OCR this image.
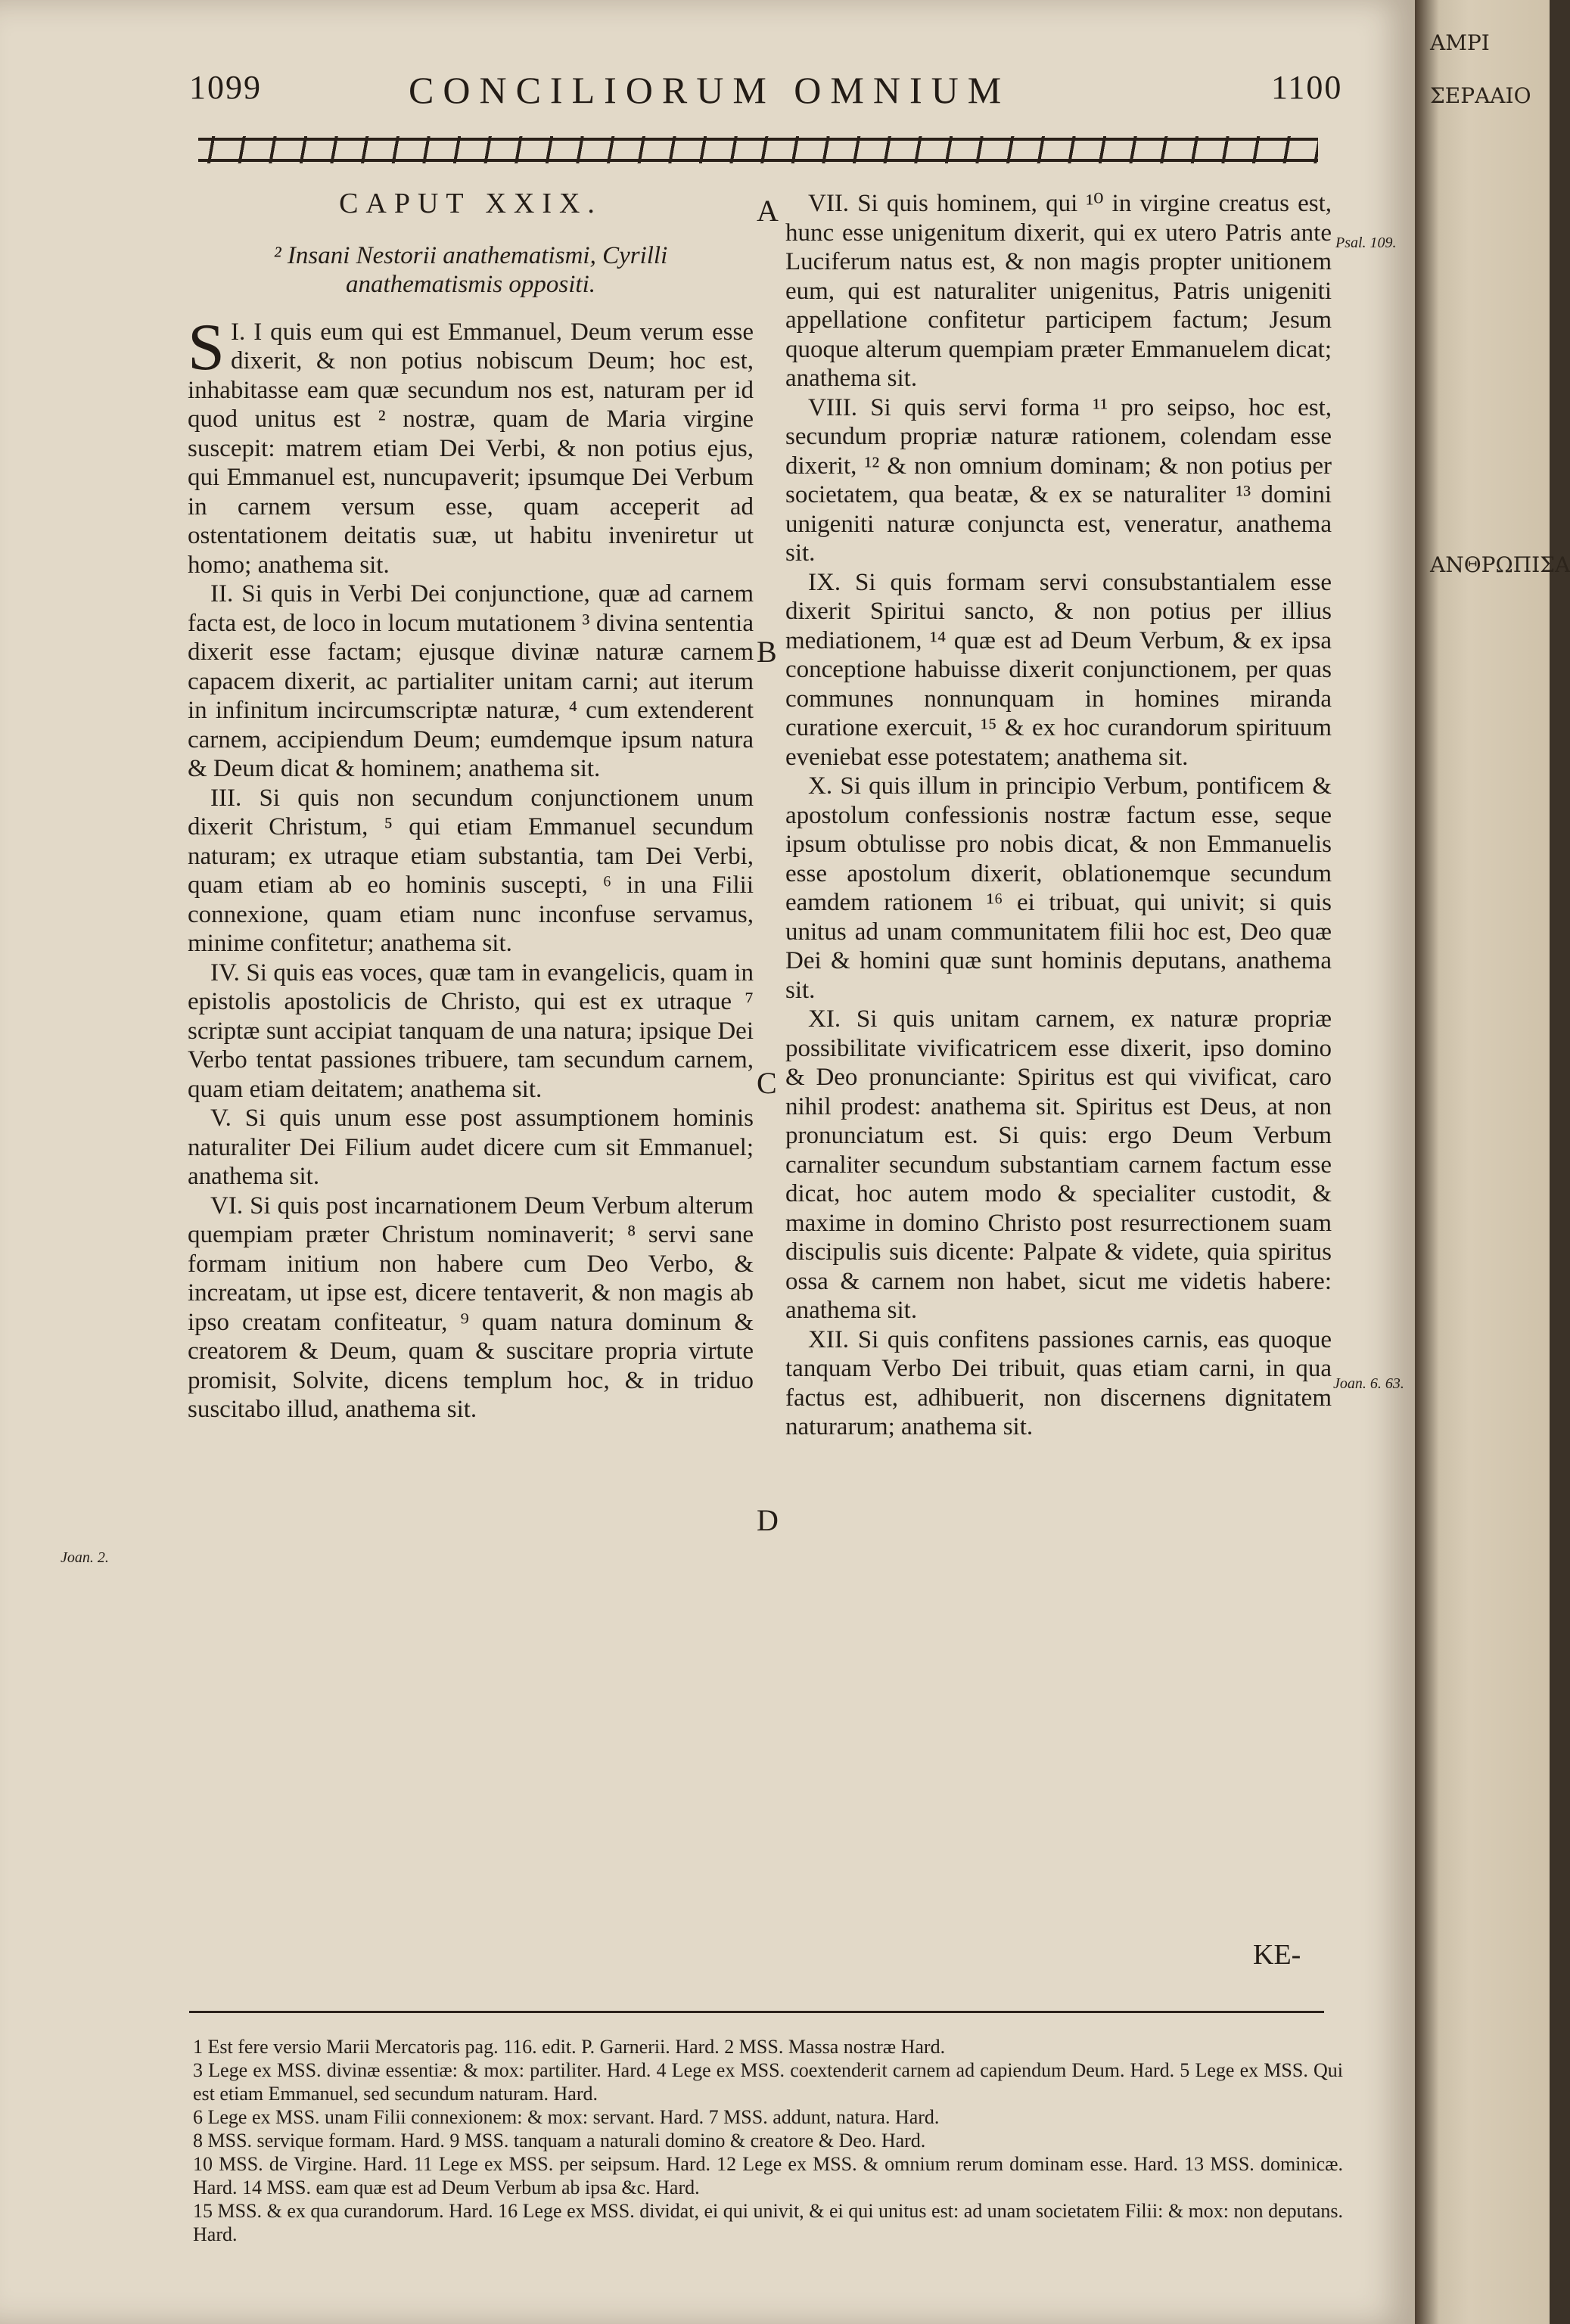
1099	CONCILIORUM OMNIUM	1100
CAPUT XXIX.

² Insani Nestorii anathematismi, Cyrilli anathematismis oppositi.

S I. I quis eum qui est Emmanuel, Deum verum esse dixerit, & non potius nobiscum Deum; hoc est, inhabitasse eam quæ secundum nos est, naturam per id quod unitus est ² nostræ, quam de Maria virgine suscepit: matrem etiam Dei Verbi, & non potius ejus, qui Emmanuel est, nuncupaverit; ipsumque Dei Verbum in carnem versum esse, quam acceperit ad ostentationem deitatis suæ, ut habitu inveniretur ut homo; anathema sit.

II. Si quis in Verbi Dei conjunctione, quæ ad carnem facta est, de loco in locum mutationem ³ divina sententia dixerit esse factam; ejusque divinæ naturæ carnem capacem dixerit, ac partialiter unitam carni; aut iterum in infinitum incircumscriptæ naturæ, ⁴ cum extenderent carnem, accipiendum Deum; eumdemque ipsum natura & Deum dicat & hominem; anathema sit.

III. Si quis non secundum conjunctionem unum dixerit Christum, ⁵ qui etiam Emmanuel secundum naturam; ex utraque etiam substantia, tam Dei Verbi, quam etiam ab eo hominis suscepti, ⁶ in una Filii connexione, quam etiam nunc inconfuse servamus, minime confitetur; anathema sit.

IV. Si quis eas voces, quæ tam in evangelicis, quam in epistolis apostolicis de Christo, qui est ex utraque ⁷ scriptæ sunt accipiat tanquam de una natura; ipsique Dei Verbo tentat passiones tribuere, tam secundum carnem, quam etiam deitatem; anathema sit.

V. Si quis unum esse post assumptionem hominis naturaliter Dei Filium audet dicere cum sit Emmanuel; anathema sit.

VI. Si quis post incarnationem Deum Verbum alterum quempiam præter Christum nominaverit; ⁸ servi sane formam initium non habere cum Deo Verbo, & increatam, ut ipse est, dicere tentaverit, & non magis ab ipso creatam confiteatur, ⁹ quam natura dominum & creatorem & Deum, quam & suscitare propria virtute promisit, Solvite, dicens templum hoc, & in triduo suscitabo illud, anathema sit.

VII. Si quis hominem, qui ¹⁰ in virgine creatus est, hunc esse unigenitum dixerit, qui ex utero Patris ante Luciferum natus est, & non magis propter unitionem eum, qui est naturaliter unigenitus, Patris unigeniti appellatione confitetur participem factum; Jesum quoque alterum quempiam præter Emmanuelem dicat; anathema sit.

VIII. Si quis servi forma ¹¹ pro seipso, hoc est, secundum propriæ naturæ rationem, colendam esse dixerit, ¹² & non omnium dominam; & non potius per societatem, qua beatæ, & ex se naturaliter ¹³ domini unigeniti naturæ conjuncta est, veneratur, anathema sit.

IX. Si quis formam servi consubstantialem esse dixerit Spiritui sancto, & non potius per illius mediationem, ¹⁴ quæ est ad Deum Verbum, & ex ipsa conceptione habuisse dixerit conjunctionem, per quas communes nonnunquam in homines miranda curatione exercuit, ¹⁵ & ex hoc curandorum spirituum eveniebat esse potestatem; anathema sit.

X. Si quis illum in principio Verbum, pontificem & apostolum confessionis nostræ factum esse, seque ipsum obtulisse pro nobis dicat, & non Emmanuelis esse apostolum dixerit, oblationemque secundum eamdem rationem ¹⁶ ei tribuat, qui univit; si quis unitus ad unam communitatem filii hoc est, Deo quæ Dei & homini quæ sunt hominis deputans, anathema sit.

XI. Si quis unitam carnem, ex naturæ propriæ possibilitate vivificatricem esse dixerit, ipso domino & Deo pronunciante: Spiritus est qui vivificat, caro nihil prodest: anathema sit. Spiritus est Deus, at non pronunciatum est. Si quis: ergo Deum Verbum carnaliter secundum substantiam carnem factum esse dicat, hoc autem modo & specialiter custodit, & maxime in domino Christo post resurrectionem suam discipulis suis dicente: Palpate & videte, quia spiritus ossa & carnem non habet, sicut me videtis habere: anathema sit.

XII. Si quis confitens passiones carnis, eas quoque tanquam Verbo Dei tribuit, quas etiam carni, in qua factus est, adhibuerit, non discernens dignitatem naturarum; anathema sit.

A
B
C
D
Psal. 109.
Joan. 2.
Joan. 6. 63.
KE-

1 Est fere versio Marii Mercatoris pag. 116. edit. P. Garnerii. Hard. 2 MSS. Massa nostræ Hard.

3 Lege ex MSS. divinæ essentiæ: & mox: partiliter. Hard. 4 Lege ex MSS. coextenderit carnem ad capiendum Deum. Hard. 5 Lege ex MSS. Qui est etiam Emmanuel, sed secundum naturam. Hard.

6 Lege ex MSS. unam Filii connexionem: & mox: servant. Hard. 7 MSS. addunt, natura. Hard.

8 MSS. servique formam. Hard. 9 MSS. tanquam a naturali domino & creatore & Deo. Hard.

10 MSS. de Virgine. Hard. 11 Lege ex MSS. per seipsum. Hard. 12 Lege ex MSS. & omnium rerum dominam esse. Hard. 13 MSS. dominicæ. Hard. 14 MSS. eam quæ est ad Deum Verbum ab ipsa &c. Hard.

15 MSS. & ex qua curandorum. Hard. 16 Lege ex MSS. dividat, ei qui univit, & ei qui unitus est: ad unam societatem Filii: & mox: non deputans. Hard.

ΑΜΡΙ
ΣΕΡΑΑΙΟ
ΑΝΘΡΩΠΙΣΑ
